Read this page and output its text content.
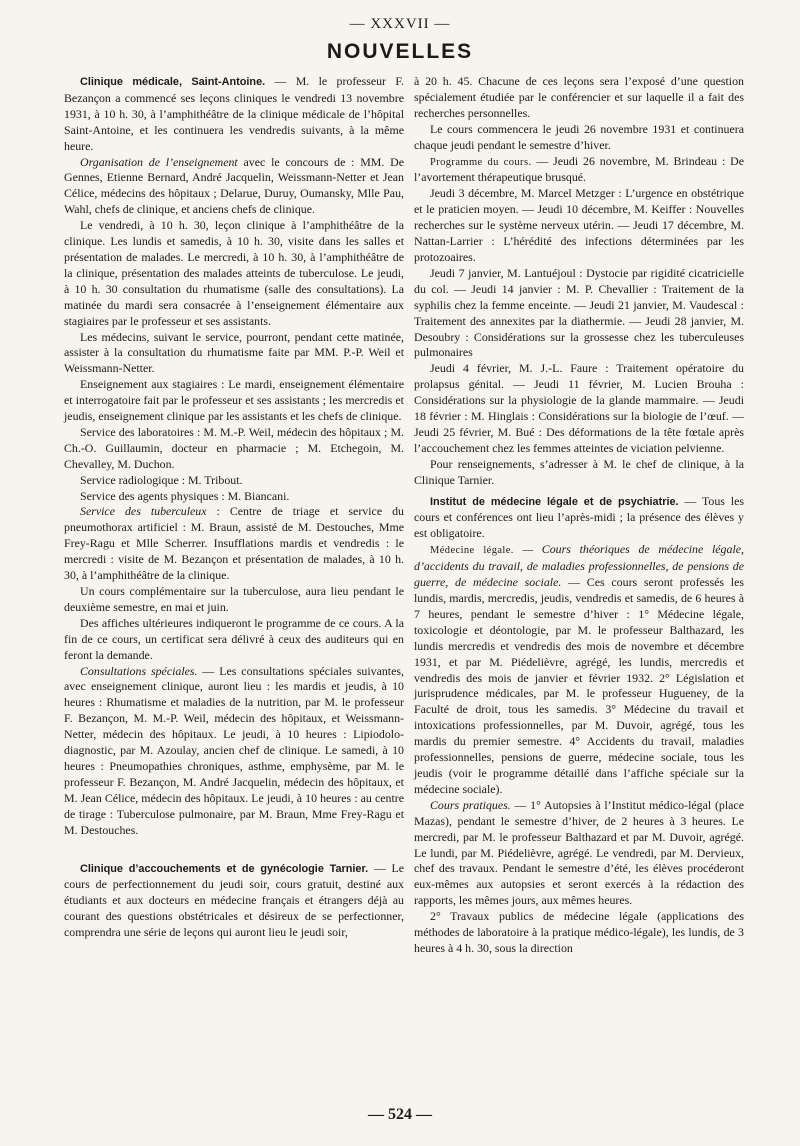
— XXXVII —
NOUVELLES

Clinique médicale, Saint-Antoine. — M. le professeur F. Bezançon a commencé ses leçons cliniques le vendredi 13 novembre 1931, à 10 h. 30, à l’amphithéâtre de la clinique médicale de l’hôpital Saint-Antoine, et les continuera les vendredis suivants, à la même heure.

Organisation de l’enseignement avec le concours de : MM. De Gennes, Etienne Bernard, André Jacquelin, Weissmann-Netter et Jean Célice, médecins des hôpitaux ; Delarue, Duruy, Oumansky, Mlle Pau, Wahl, chefs de clinique, et anciens chefs de clinique.

Le vendredi, à 10 h. 30, leçon clinique à l’amphithéâtre de la clinique. Les lundis et samedis, à 10 h. 30, visite dans les salles et présentation de malades. Le mercredi, à 10 h. 30, à l’amphithéâtre de la clinique, présentation des malades atteints de tuberculose. Le jeudi, à 10 h. 30 consultation du rhumatisme (salle des consultations). La matinée du mardi sera consacrée à l’enseignement élémentaire aux stagiaires par le professeur et ses assistants.

Les médecins, suivant le service, pourront, pendant cette matinée, assister à la consultation du rhumatisme faite par MM. P.-P. Weil et Weissmann-Netter.

Enseignement aux stagiaires : Le mardi, enseignement élémentaire et interrogatoire fait par le professeur et ses assistants ; les mercredis et jeudis, enseignement clinique par les assistants et les chefs de clinique.

Service des laboratoires : M. M.-P. Weil, médecin des hôpitaux ; M. Ch.-O. Guillaumin, docteur en pharmacie ; M. Etchegoin, M. Chevalley, M. Duchon.

Service radiologique : M. Tribout.

Service des agents physiques : M. Biancani.

Service des tuberculeux : Centre de triage et service du pneumothorax artificiel : M. Braun, assisté de M. Destouches, Mme Frey-Ragu et Mlle Scherrer. Insufflations mardis et vendredis : le mercredi : visite de M. Bezançon et présentation de malades, à 10 h. 30, à l’amphithéâtre de la clinique.

Un cours complémentaire sur la tuberculose, aura lieu pendant le deuxième semestre, en mai et juin.

Des affiches ultérieures indiqueront le programme de ce cours. A la fin de ce cours, un certificat sera délivré à ceux des auditeurs qui en feront la demande.

Consultations spéciales. — Les consultations spéciales suivantes, avec enseignement clinique, auront lieu : les mardis et jeudis, à 10 heures : Rhumatisme et maladies de la nutrition, par M. le professeur F. Bezançon, M. M.-P. Weil, médecin des hôpitaux, et Weissmann-Netter, médecin des hôpitaux. Le jeudi, à 10 heures : Lipiodolo-diagnostic, par M. Azoulay, ancien chef de clinique. Le samedi, à 10 heures : Pneumopathies chroniques, asthme, emphysème, par M. le professeur F. Bezançon, M. André Jacquelin, médecin des hôpitaux, et M. Jean Célice, médecin des hôpitaux. Le jeudi, à 10 heures : au centre de tirage : Tuberculose pulmonaire, par M. Braun, Mme Frey-Ragu et M. Destouches.

Clinique d’accouchements et de gynécologie Tarnier. — Le cours de perfectionnement du jeudi soir, cours gratuit, destiné aux étudiants et aux docteurs en médecine français et étrangers déjà au courant des questions obstétricales et désireux de se perfectionner, comprendra une série de leçons qui auront lieu le jeudi soir,

à 20 h. 45. Chacune de ces leçons sera l’exposé d’une question spécialement étudiée par le conférencier et sur laquelle il a fait des recherches personnelles.

Le cours commencera le jeudi 26 novembre 1931 et continuera chaque jeudi pendant le semestre d’hiver.

Programme du cours. — Jeudi 26 novembre, M. Brindeau : De l’avortement thérapeutique brusqué.

Jeudi 3 décembre, M. Marcel Metzger : L’urgence en obstétrique et le praticien moyen. — Jeudi 10 décembre, M. Keiffer : Nouvelles recherches sur le système nerveux utérin. — Jeudi 17 décembre, M. Nattan-Larrier : L’hérédité des infections déterminées par les protozoaires.

Jeudi 7 janvier, M. Lantuéjoul : Dystocie par rigidité cicatricielle du col. — Jeudi 14 janvier : M. P. Chevallier : Traitement de la syphilis chez la femme enceinte. — Jeudi 21 janvier, M. Vaudescal : Traitement des annexites par la diathermie. — Jeudi 28 janvier, M. Desoubry : Considérations sur la grossesse chez les tuberculeuses pulmonaires

Jeudi 4 février, M. J.-L. Faure : Traitement opératoire du prolapsus génital. — Jeudi 11 février, M. Lucien Brouha : Considérations sur la physiologie de la glande mammaire. — Jeudi 18 février : M. Hinglais : Considérations sur la biologie de l’œuf. — Jeudi 25 février, M. Bué : Des déformations de la tête fœtale après l’accouchement chez les femmes atteintes de viciation pelvienne.

Pour renseignements, s’adresser à M. le chef de clinique, à la Clinique Tarnier.

Institut de médecine légale et de psychiatrie. — Tous les cours et conférences ont lieu l’après-midi ; la présence des élèves y est obligatoire.

Médecine légale. — Cours théoriques de médecine légale, d’accidents du travail, de maladies professionnelles, de pensions de guerre, de médecine sociale. — Ces cours seront professés les lundis, mardis, mercredis, jeudis, vendredis et samedis, de 6 heures à 7 heures, pendant le semestre d’hiver : 1° Médecine légale, toxicologie et déontologie, par M. le professeur Balthazard, les lundis mercredis et vendredis des mois de novembre et décembre 1931, et par M. Piédelièvre, agrégé, les lundis, mercredis et vendredis des mois de janvier et février 1932. 2° Législation et jurisprudence médicales, par M. le professeur Hugueney, de la Faculté de droit, tous les samedis. 3° Médecine du travail et intoxications professionnelles, par M. Duvoir, agrégé, tous les mardis du premier semestre. 4° Accidents du travail, maladies professionnelles, pensions de guerre, médecine sociale, tous les jeudis (voir le programme détaillé dans l’affiche spéciale sur la médecine sociale).

Cours pratiques. — 1° Autopsies à l’Institut médico-légal (place Mazas), pendant le semestre d’hiver, de 2 heures à 3 heures. Le mercredi, par M. le professeur Balthazard et par M. Duvoir, agrégé. Le lundi, par M. Piédelièvre, agrégé. Le vendredi, par M. Dervieux, chef des travaux. Pendant le semestre d’été, les élèves procéderont eux-mêmes aux autopsies et seront exercés à la rédaction des rapports, les mêmes jours, aux mêmes heures.

2° Travaux publics de médecine légale (applications des méthodes de laboratoire à la pratique médico-légale), les lundis, de 3 heures à 4 h. 30, sous la direction

— 524 —
